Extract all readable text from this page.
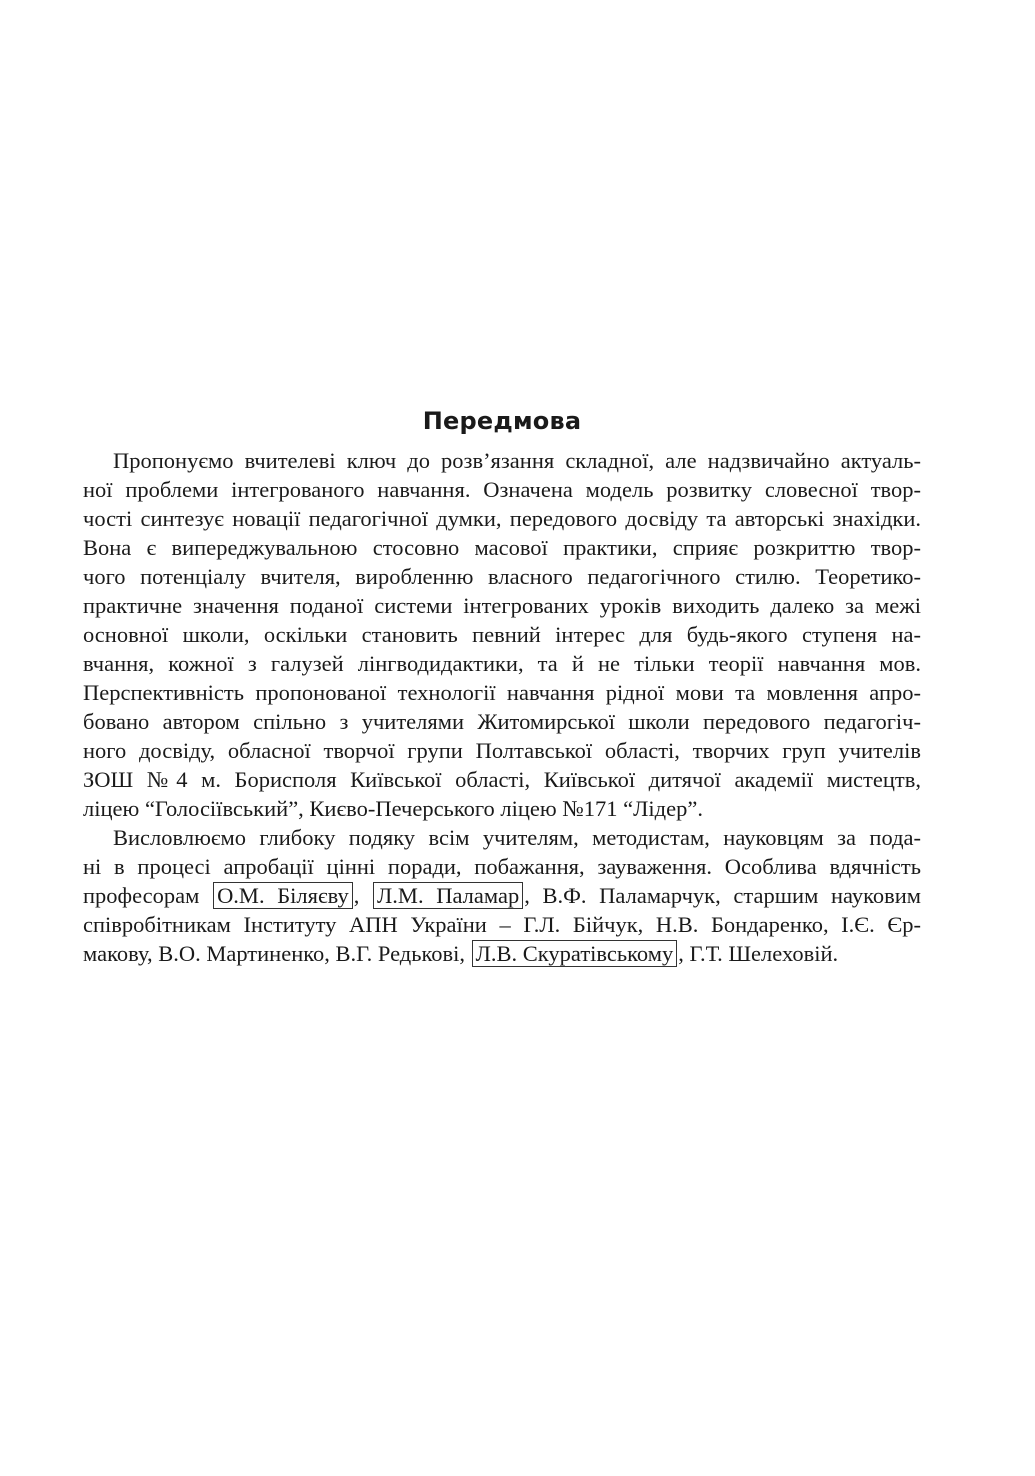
Передмова
Пропонуємо вчителеві ключ до розв’язання складної, але надзвичайно актуаль-
ної проблеми інтегрованого навчання. Означена модель розвитку словесної твор-
чості синтезує новації педагогічної думки, передового досвіду та авторські знахідки.
Вона є випереджувальною стосовно масової практики, сприяє розкриттю твор-
чого потенціалу вчителя, виробленню власного педагогічного стилю. Теоретико-
практичне значення поданої системи інтегрованих уроків виходить далеко за межі
основної школи, оскільки становить певний інтерес для будь-якого ступеня на-
вчання, кожної з галузей лінгводидактики, та й не тільки теорії навчання мов.
Перспективність пропонованої технології навчання рідної мови та мовлення апро-
бовано автором спільно з учителями Житомирської школи передового педагогіч-
ного досвіду, обласної творчої групи Полтавської області, творчих груп учителів
ЗОШ №4 м. Борисполя Київської області, Київської дитячої академії мистецтв,
ліцею “Голосіївський”, Києво-Печерського ліцею №171 “Лідер”.
Висловлюємо глибоку подяку всім учителям, методистам, науковцям за пода-
ні в процесі апробації цінні поради, побажання, зауваження. Особлива вдячність
професорам О.М. Біляєву , Л.М. Паламар , В.Ф. Паламарчук, старшим науковим
співробітникам Інституту АПН України – Г.Л. Бійчук, Н.В. Бондаренко, І.Є. Єр-
макову, В.О. Мартиненко, В.Г. Редькові, Л.В. Скуратівському , Г.Т. Шелеховій.
